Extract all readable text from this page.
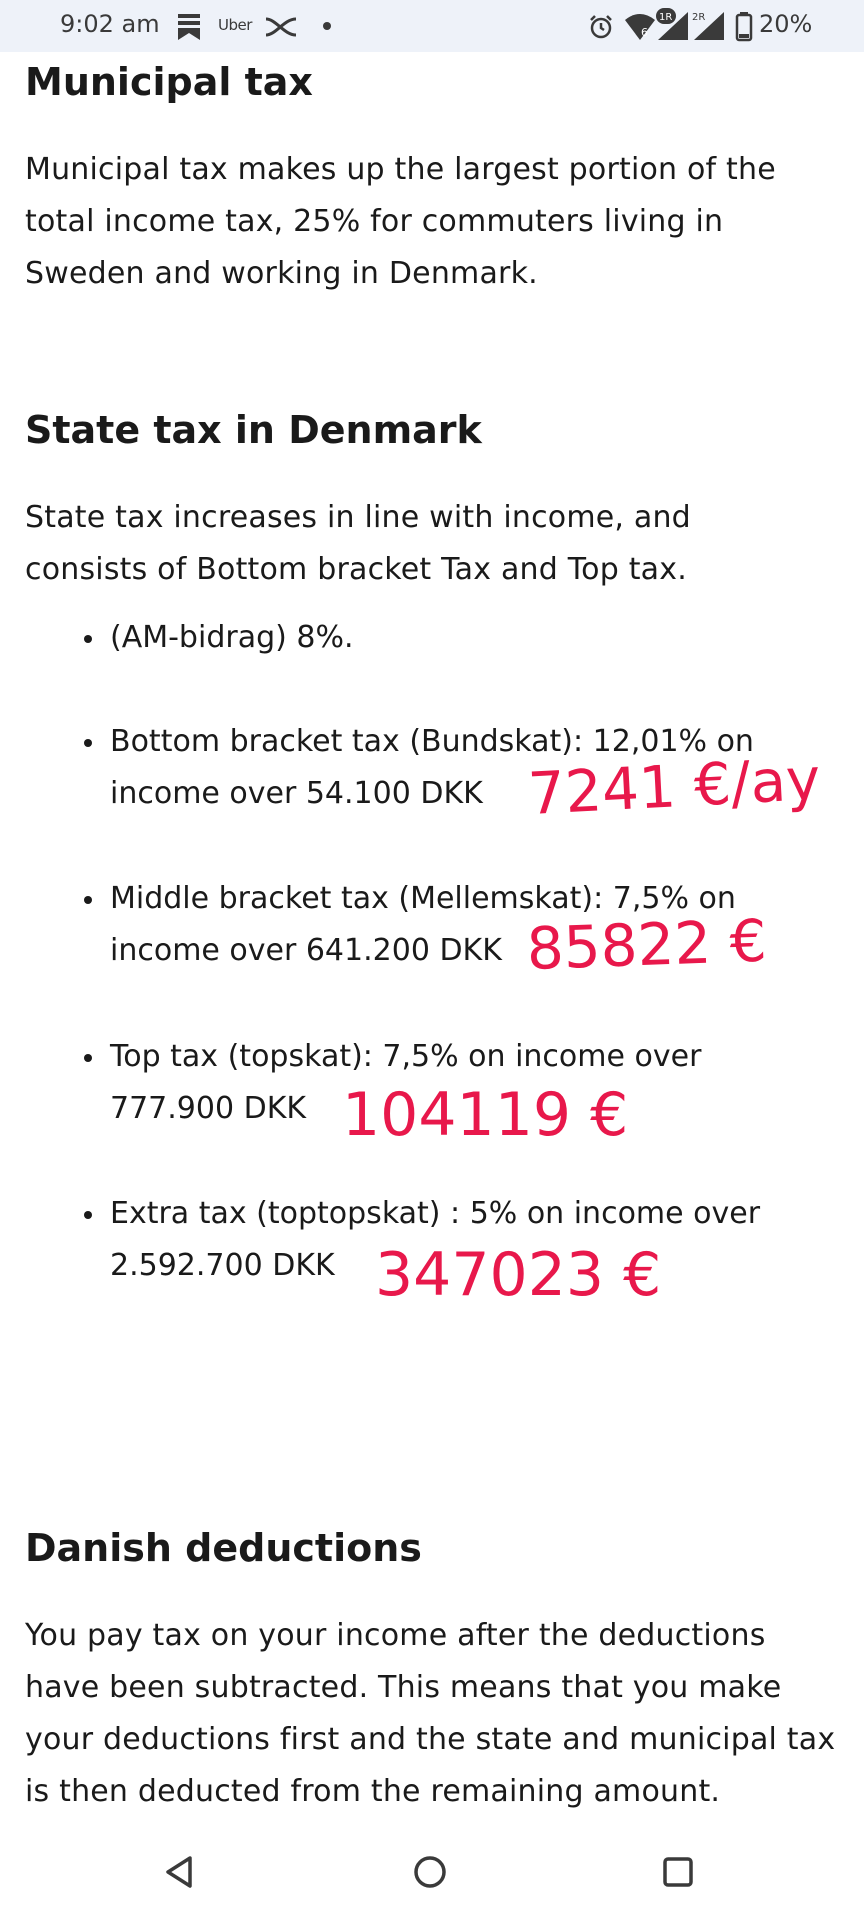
9:02 am	Uber	6
1R 2R 20%
Municipal tax

Municipal tax makes up the largest portion of the total income tax, 25% for commuters living in Sweden and working in Denmark.

State tax in Denmark

State tax increases in line with income, and consists of Bottom bracket Tax and Top tax.

(AM-bidrag) 8%.
Bottom bracket tax (Bundskat): 12,01% on
income over 54.100 DKK
Middle bracket tax (Mellemskat): 7,5% on
income over 641.200 DKK
Top tax (topskat): 7,5% on income over
777.900 DKK
Extra tax (toptopskat) : 5% on income over
2.592.700 DKK
Danish deductions

You pay tax on your income after the deductions have been subtracted. This means that you make your deductions first and the state and municipal tax is then deducted from the remaining amount.

7241 €/ay
85822 €
104119 €
347023 €
